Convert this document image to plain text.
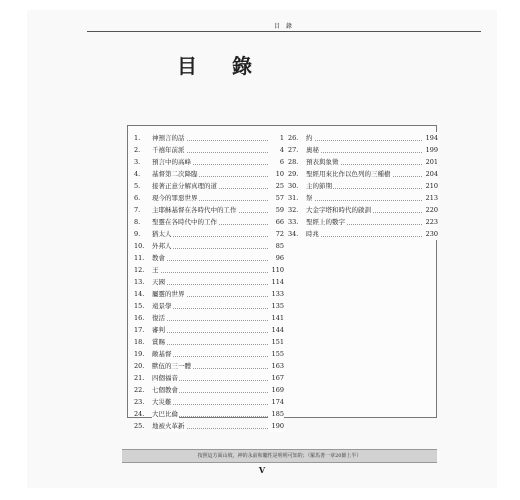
目 錄
目 錄
1.	神預言的話	1
2.	千禧年前派	4
3.	預言中的高峰	6
4.	基督第二次降臨	10
5.	接著正意分解真理的道	25
6.	現今的罪惡世界	57
7.	主耶穌基督在各時代中的工作	59
8.	聖靈在各時代中的工作	66
9.	猶太人	72
10.	外邦人	85
11.	教會	96
12.	王	110
13.	天國	114
14.	屬靈的世界	133
15.	遠景學	135
16.	復活	141
17.	審判	144
18.	賞賜	151
19.	敵基督	155
20.	獸伍的三一體	163
21.	四個福音	167
22.	七個教會	169
23.	大災難	174
24.	大巴比倫	185
25.	地被火革新	190
26.	約	194
27.	奧秘	199
28.	預表與象徵	201
29.	聖經用來比作以色列的三種樹	204
30.	主的節期	210
31.	祭	213
32.	大金字塔和時代的啟訓	220
33.	聖經上的數字	223
34.	時兆	230
按照這方面山坡，神的永前和屬性是明明可知的；（羅馬書一章20節上半）
V
